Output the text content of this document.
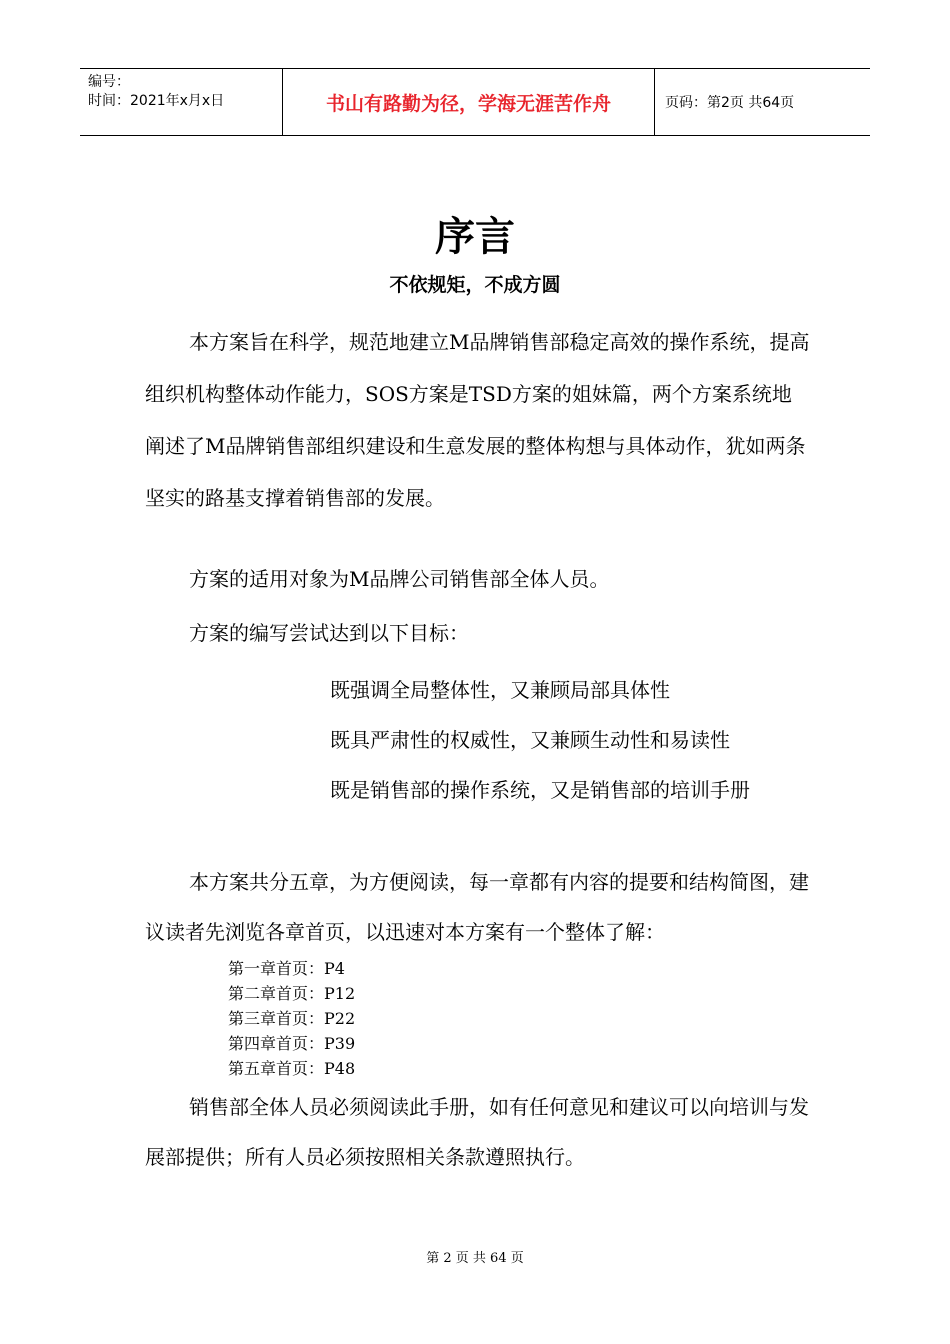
编号：
时间：2021年x月x日	书山有路勤为径，学海无涯苦作舟	页码：第2页 共64页
序言
不依规矩，不成方圆
本方案旨在科学，规范地建立M品牌销售部稳定高效的操作系统，提高组织机构整体动作能力，SOS方案是TSD方案的姐妹篇，两个方案系统地阐述了M品牌销售部组织建设和生意发展的整体构想与具体动作，犹如两条坚实的路基支撑着销售部的发展。
方案的适用对象为M品牌公司销售部全体人员。
方案的编写尝试达到以下目标：
既强调全局整体性，又兼顾局部具体性
既具严肃性的权威性，又兼顾生动性和易读性
既是销售部的操作系统，又是销售部的培训手册
本方案共分五章，为方便阅读，每一章都有内容的提要和结构简图，建议读者先浏览各章首页，以迅速对本方案有一个整体了解：
第一章首页：P4
第二章首页：P12
第三章首页：P22
第四章首页：P39
第五章首页：P48
销售部全体人员必须阅读此手册，如有任何意见和建议可以向培训与发展部提供；所有人员必须按照相关条款遵照执行。
第 2 页 共 64 页
